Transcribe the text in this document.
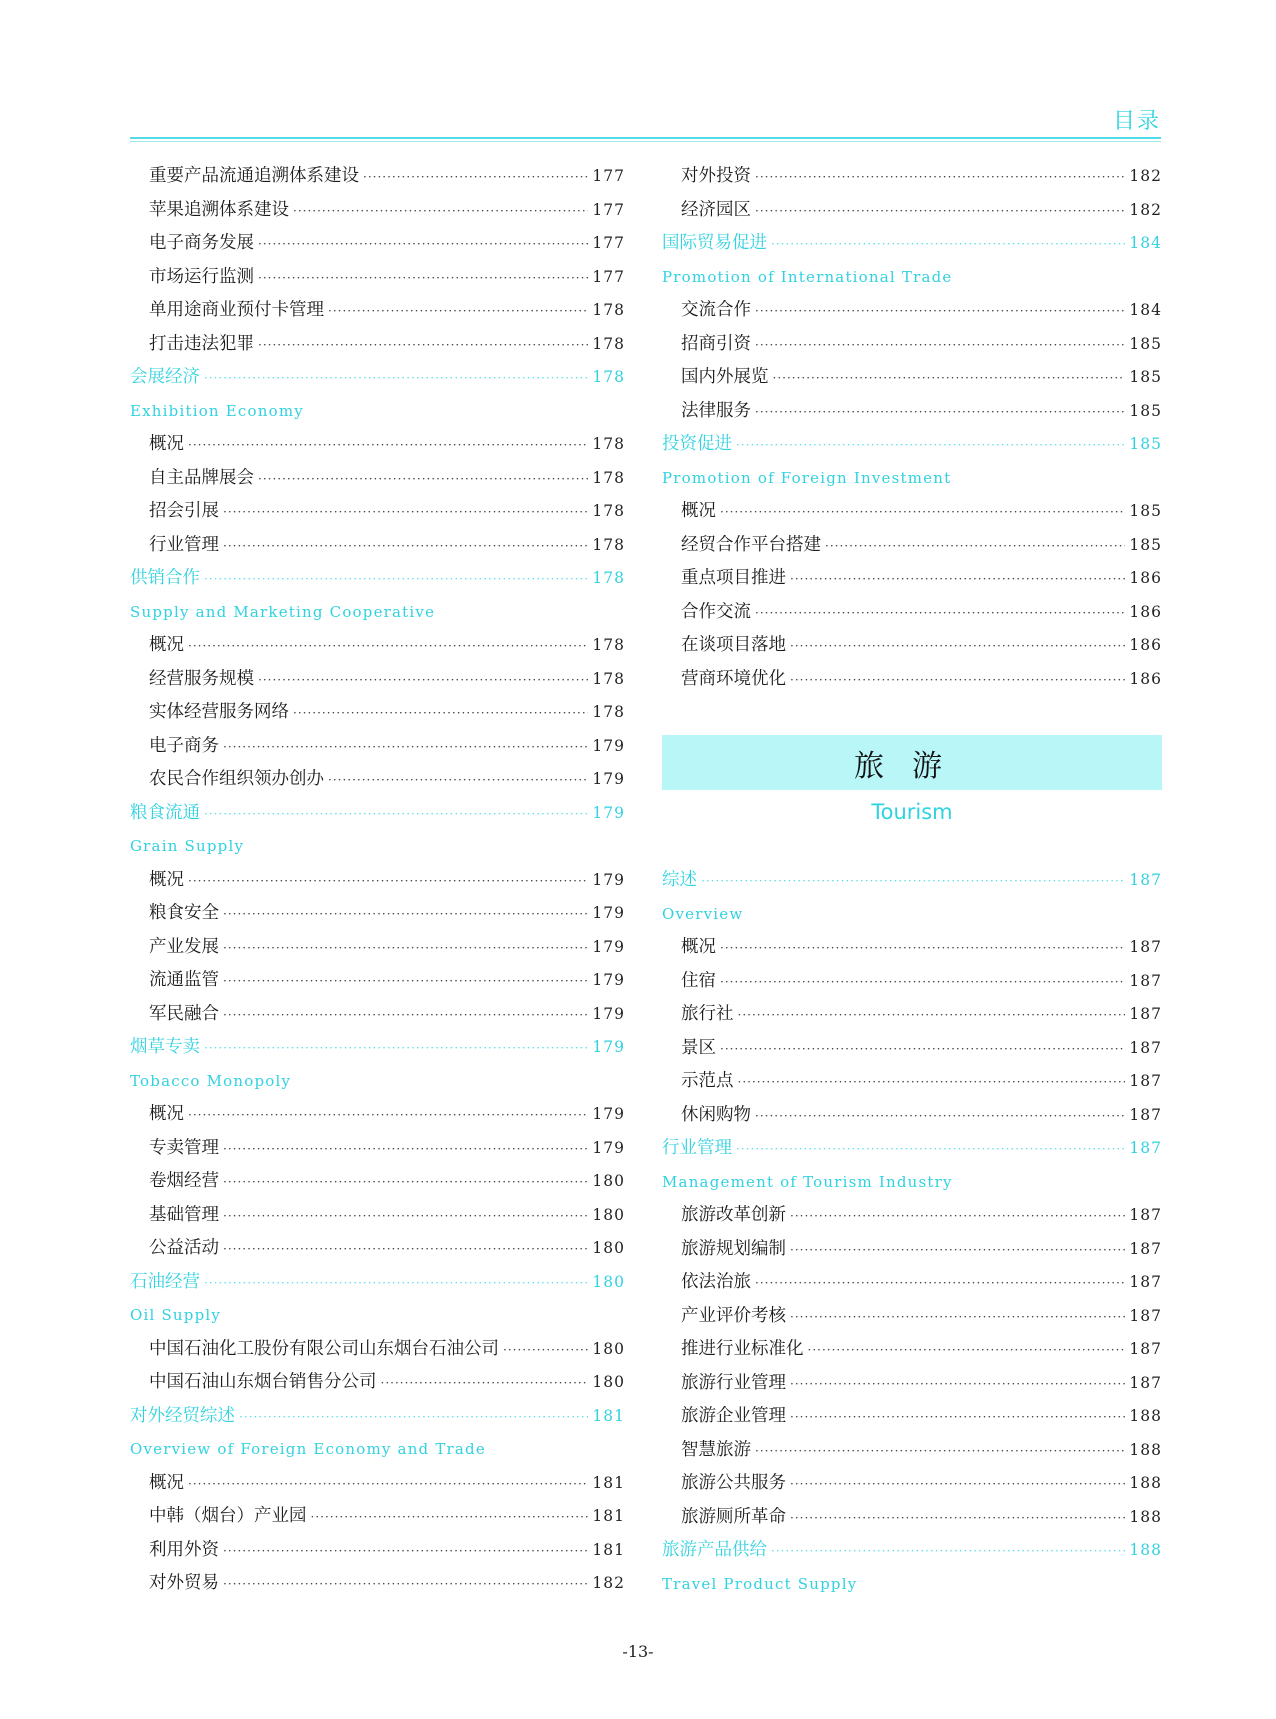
目录
重要产品流通追溯体系建设 ·····	177
苹果追溯体系建设 ·····	177
电子商务发展 ·····	177
市场运行监测 ·····	177
单用途商业预付卡管理 ·····	178
打击违法犯罪 ·····	178
会展经济 ·····	178
Exhibition Economy
概况 ·····	178
自主品牌展会 ·····	178
招会引展 ·····	178
行业管理 ·····	178
供销合作 ·····	178
Supply and Marketing Cooperative
概况 ·····	178
经营服务规模 ·····	178
实体经营服务网络 ·····	178
电子商务 ·····	179
农民合作组织领办创办 ·····	179
粮食流通 ·····	179
Grain Supply
概况 ·····	179
粮食安全 ·····	179
产业发展 ·····	179
流通监管 ·····	179
军民融合 ·····	179
烟草专卖 ·····	179
Tobacco Monopoly
概况 ·····	179
专卖管理 ·····	179
卷烟经营 ·····	180
基础管理 ·····	180
公益活动 ·····	180
石油经营 ·····	180
Oil Supply
中国石油化工股份有限公司山东烟台石油公司 ·····	180
中国石油山东烟台销售分公司 ·····	180
对外经贸综述 ·····	181
Overview of Foreign Economy and Trade
概况 ·····	181
中韩（烟台）产业园 ·····	181
利用外资 ·····	181
对外贸易 ·····	182
对外投资 ·····	182
经济园区 ·····	182
国际贸易促进 ·····	184
Promotion of International Trade
交流合作 ·····	184
招商引资 ·····	185
国内外展览 ·····	185
法律服务 ·····	185
投资促进 ·····	185
Promotion of Foreign Investment
概况 ·····	185
经贸合作平台搭建 ·····	185
重点项目推进 ·····	186
合作交流 ·····	186
在谈项目落地 ·····	186
营商环境优化 ·····	186
旅游
Tourism
综述 ·····	187
Overview
概况 ·····	187
住宿 ·····	187
旅行社 ·····	187
景区 ·····	187
示范点 ·····	187
休闲购物 ·····	187
行业管理 ·····	187
Management of Tourism Industry
旅游改革创新 ·····	187
旅游规划编制 ·····	187
依法治旅 ·····	187
产业评价考核 ·····	187
推进行业标准化 ·····	187
旅游行业管理 ·····	187
旅游企业管理 ·····	188
智慧旅游 ·····	188
旅游公共服务 ·····	188
旅游厕所革命 ·····	188
旅游产品供给 ·····	188
Travel Product Supply
-13-
